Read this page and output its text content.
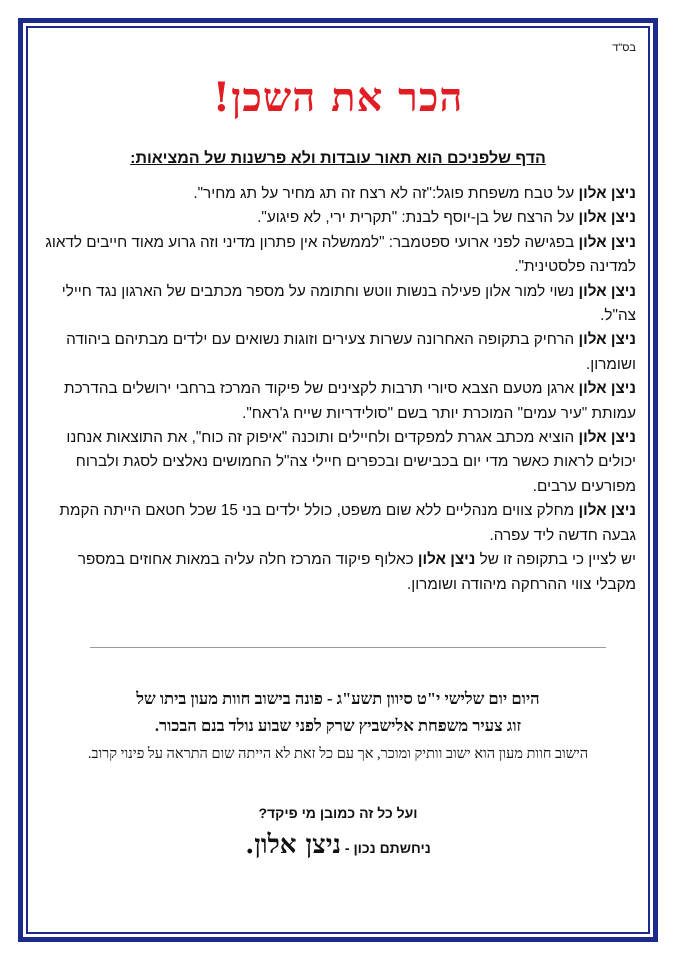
בס"ד
הכר את השכן!
הדף שלפניכם הוא תאור עובדות ולא פרשנות של המציאות:

ניצן אלון על טבח משפחת פוגל:"זה לא רצח זה תג מחיר על תג מחיר".

ניצן אלון על הרצח של בן-יוסף לבנת: "תקרית ירי, לא פיגוע".

ניצן אלון בפגישה לפני ארועי ספטמבר: "לממשלה אין פתרון מדיני וזה גרוע מאוד חייבים לדאוג למדינה פלסטינית".

ניצן אלון נשוי למור אלון פעילה בנשות ווטש וחתומה על מספר מכתבים של הארגון נגד חיילי צה"ל.

ניצן אלון הרחיק בתקופה האחרונה עשרות צעירים וזוגות נשואים עם ילדים מבתיהם ביהודה ושומרון.

ניצן אלון ארגן מטעם הצבא סיורי תרבות לקצינים של פיקוד המרכז ברחבי ירושלים בהדרכת עמותת "עיר עמים" המוכרת יותר בשם "סולידריות שייח ג'ראח".

ניצן אלון הוציא מכתב אגרת למפקדים ולחיילים ותוכנה "איפוק זה כוח", את התוצאות אנחנו יכולים לראות כאשר מדי יום בכבישים ובכפרים חיילי צה"ל החמושים נאלצים לסגת ולברוח מפורעים ערבים.

ניצן אלון מחלק צווים מנהליים ללא שום משפט, כולל ילדים בני 15 שכל חטאם הייתה הקמת גבעה חדשה ליד עפרה.

יש לציין כי בתקופה זו של ניצן אלון כאלוף פיקוד המרכז חלה עליה במאות אחוזים במספר מקבלי צווי ההרחקה מיהודה ושומרון.

היום יום שלישי י"ט סיוון תשע"ג - פונה בישוב חוות מעון ביתו של

זוג צעיר משפחת אלישביץ שרק לפני שבוע נולד בנם הבכור.

הישוב חוות מעון הוא ישוב וותיק ומוכר, אך עם כל זאת לא הייתה שום התראה על פינוי קרוב.

ועל כל זה כמובן מי פיקד?
ניחשתם נכון - ניצן אלון.
